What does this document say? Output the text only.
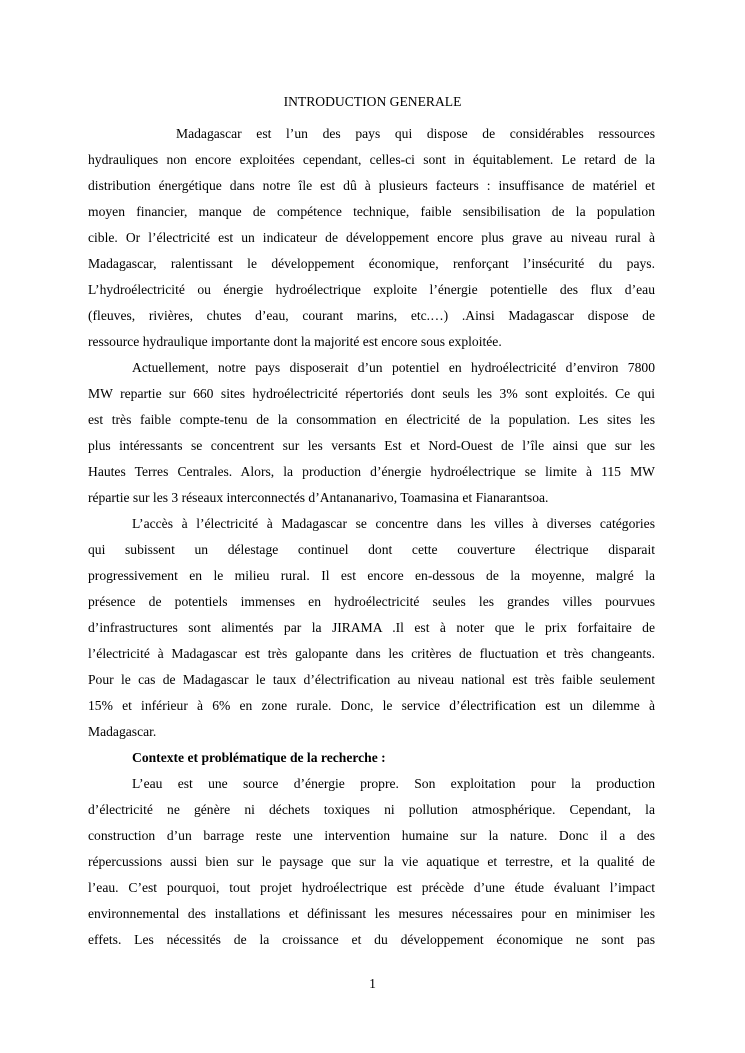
INTRODUCTION GENERALE
Madagascar est l’un des pays qui dispose de considérables ressources
hydrauliques non encore exploitées cependant, celles-ci sont in équitablement. Le retard de la
distribution énergétique dans notre île est dû à plusieurs facteurs : insuffisance de matériel et
moyen financier, manque de compétence technique, faible sensibilisation de la population
cible. Or l’électricité est un indicateur de développement encore plus grave au niveau rural à
Madagascar, ralentissant le développement économique, renforçant l’insécurité du pays.
L’hydroélectricité ou énergie hydroélectrique exploite l’énergie potentielle des flux d’eau
(fleuves, rivières, chutes d’eau, courant marins, etc.…) .Ainsi Madagascar dispose de
ressource hydraulique importante dont la majorité est encore sous exploitée.
Actuellement, notre pays disposerait d’un potentiel en hydroélectricité d’environ 7800
MW repartie sur 660 sites hydroélectricité répertoriés dont seuls les 3% sont exploités. Ce qui
est très faible compte-tenu de la consommation en électricité de la population. Les sites les
plus intéressants se concentrent sur les versants Est et Nord-Ouest de l’île ainsi que sur les
Hautes Terres Centrales. Alors, la production d’énergie hydroélectrique se limite à 115 MW
répartie sur les 3 réseaux interconnectés d’Antananarivo, Toamasina et Fianarantsoa.
L’accès à l’électricité à Madagascar se concentre dans les villes à diverses catégories
qui subissent un délestage continuel dont cette couverture électrique disparait
progressivement en le milieu rural. Il est encore en-dessous de la moyenne, malgré la
présence de potentiels immenses en hydroélectricité seules les grandes villes pourvues
d’infrastructures sont alimentés par la JIRAMA .Il est à noter que le prix forfaitaire de
l’électricité à Madagascar est très galopante dans les critères de fluctuation et très changeants.
Pour le cas de Madagascar le taux d’électrification au niveau national est très faible seulement
15% et inférieur à 6% en zone rurale. Donc, le service d’électrification est un dilemme à
Madagascar.
Contexte et problématique de la recherche :
L’eau est une source d’énergie propre. Son exploitation pour la production
d’électricité ne génère ni déchets toxiques ni pollution atmosphérique. Cependant, la
construction d’un barrage reste une intervention humaine sur la nature. Donc il a des
répercussions aussi bien sur le paysage que sur la vie aquatique et terrestre, et la qualité de
l’eau. C’est pourquoi, tout projet hydroélectrique est précède d’une étude évaluant l’impact
environnemental des installations et définissant les mesures nécessaires pour en minimiser les
effets. Les nécessités de la croissance et du développement économique ne sont pas
1
